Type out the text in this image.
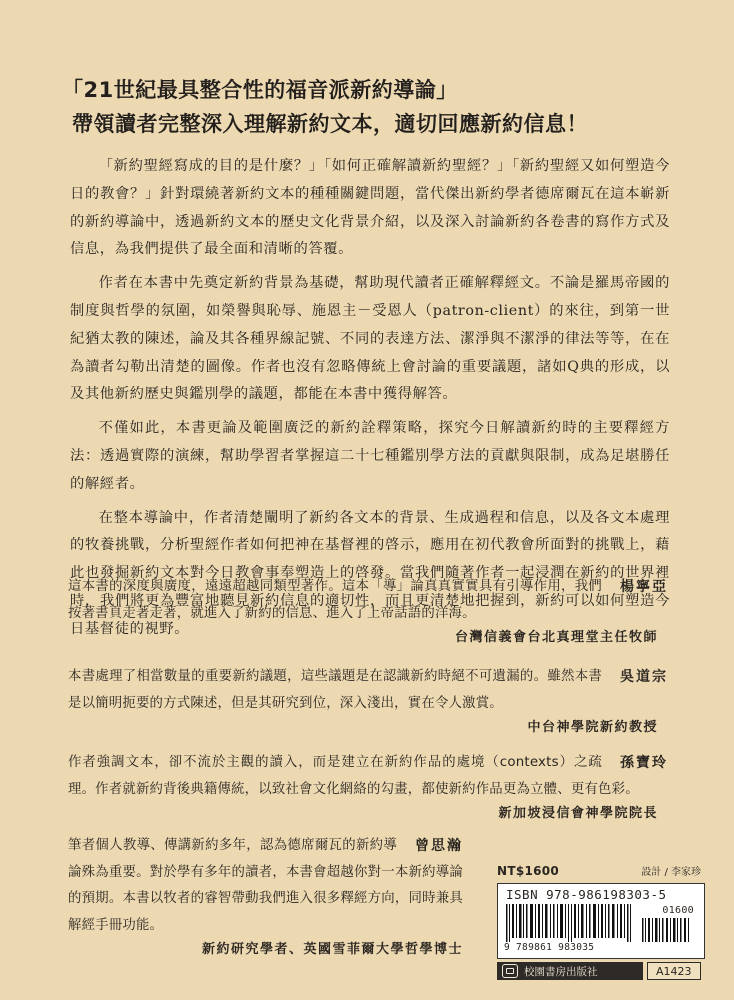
「21世紀最具整合性的福音派新約導論」
帶領讀者完整深入理解新約文本，適切回應新約信息！

「新約聖經寫成的目的是什麼？」「如何正確解讀新約聖經？」「新約聖經又如何塑造今日的教會？」針對環繞著新約文本的種種關鍵問題，當代傑出新約學者德席爾瓦在這本嶄新的新約導論中，透過新約文本的歷史文化背景介紹，以及深入討論新約各卷書的寫作方式及信息，為我們提供了最全面和清晰的答覆。

作者在本書中先奠定新約背景為基礎，幫助現代讀者正確解釋經文。不論是羅馬帝國的制度與哲學的氛圍，如榮譽與恥辱、施恩主－受恩人（patron-client）的來往，到第一世紀猶太教的陳述，論及其各種界線記號、不同的表達方法、潔淨與不潔淨的律法等等，在在為讀者勾勒出清楚的圖像。作者也沒有忽略傳統上會討論的重要議題，諸如Q典的形成，以及其他新約歷史與鑑別學的議題，都能在本書中獲得解答。

不僅如此，本書更論及範圍廣泛的新約詮釋策略，探究今日解讀新約時的主要釋經方法：透過實際的演練，幫助學習者掌握這二十七種鑑別學方法的貢獻與限制，成為足堪勝任的解經者。

在整本導論中，作者清楚闡明了新約各文本的背景、生成過程和信息，以及各文本處理的牧養挑戰，分析聖經作者如何把神在基督裡的啓示，應用在初代教會所面對的挑戰上，藉此也發掘新約文本對今日教會事奉塑造上的啓發。當我們隨著作者一起浸潤在新約的世界裡時，我們將更為豐富地聽見新約信息的適切性，而且更清楚地把握到，新約可以如何塑造今日基督徒的視野。

楊寧亞
這本書的深度與廣度，遠遠超越同類型著作。這本「導」論真真實實具有引導作用，我們按著書頁走著走著，就進入了新約的信息、進入了上帝話語的洋海。

台灣信義會台北真理堂主任牧師

吳道宗
本書處理了相當數量的重要新約議題，這些議題是在認識新約時絕不可遺漏的。雖然本書是以簡明扼要的方式陳述，但是其研究到位，深入淺出，實在令人激賞。

中台神學院新約教授

孫寶玲
作者強調文本，卻不流於主觀的讀入，而是建立在新約作品的處境（contexts）之疏理。作者就新約背後典籍傳統，以致社會文化網絡的勾畫，都使新約作品更為立體、更有色彩。

新加坡浸信會神學院院長

曾思瀚
筆者個人教導、傳講新約多年，認為德席爾瓦的新約導論殊為重要。對於學有多年的讀者，本書會超越你對一本新約導論的預期。本書以牧者的睿智帶動我們進入很多釋經方向，同時兼具解經手冊功能。

新約研究學者、英國雪菲爾大學哲學博士
NT$1600	設計 / 李家珍
ISBN 978-986198303-5
01600
9 789861 983035
校園書房出版社	A1423
